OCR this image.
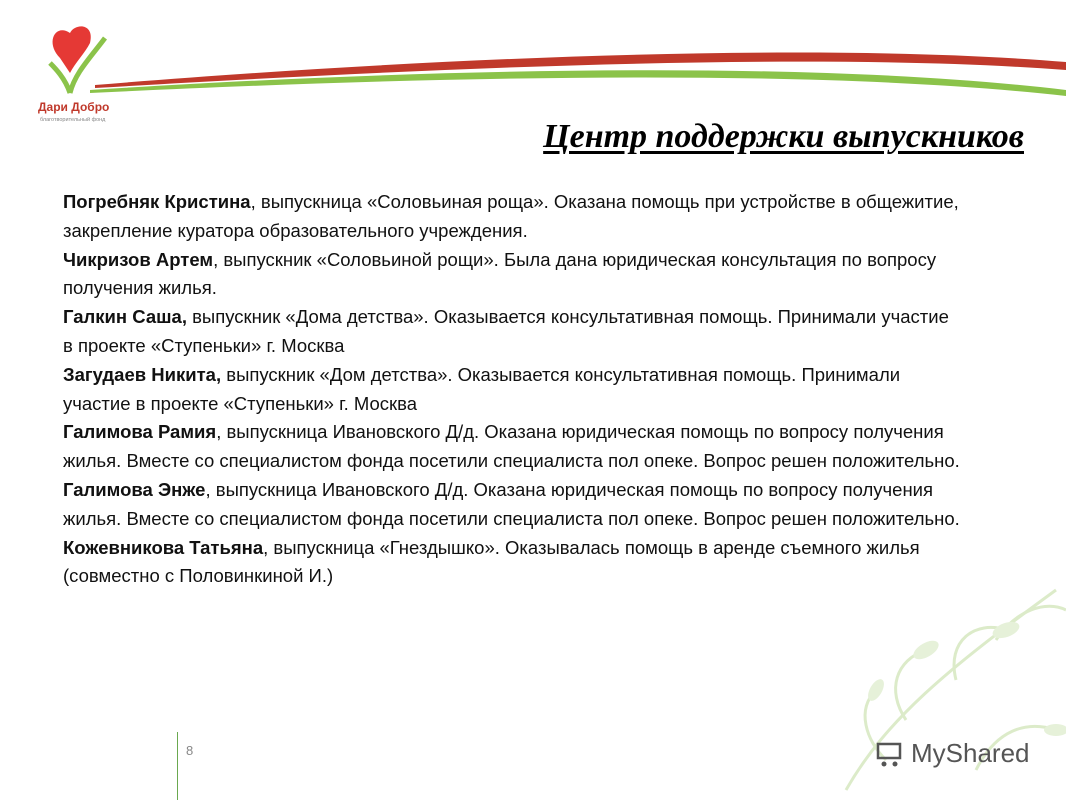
Дари Добро
благотворительный фонд	Центр поддержки выпускников

Погребняк Кристина, выпускница «Соловьиная роща». Оказана помощь при устройстве в общежитие, закрепление куратора образовательного учреждения.

Чикризов Артем, выпускник «Соловьиной рощи». Была дана юридическая консультация по вопросу получения жилья.

Галкин Саша, выпускник «Дома детства». Оказывается консультативная помощь. Принимали участие в проекте «Ступеньки» г. Москва

Загудаев Никита, выпускник «Дом детства». Оказывается консультативная помощь. Принимали участие в проекте «Ступеньки» г. Москва

Галимова Рамия, выпускница Ивановского Д/д. Оказана юридическая помощь по вопросу получения жилья. Вместе со специалистом фонда посетили специалиста пол опеке. Вопрос решен положительно.

Галимова Энже, выпускница Ивановского Д/д. Оказана юридическая помощь по вопросу получения жилья. Вместе со специалистом фонда посетили специалиста пол опеке. Вопрос решен положительно.

Кожевникова Татьяна, выпускница «Гнездышко». Оказывалась помощь в аренде съемного жилья (совместно с Половинкиной И.)

8	MyShared
